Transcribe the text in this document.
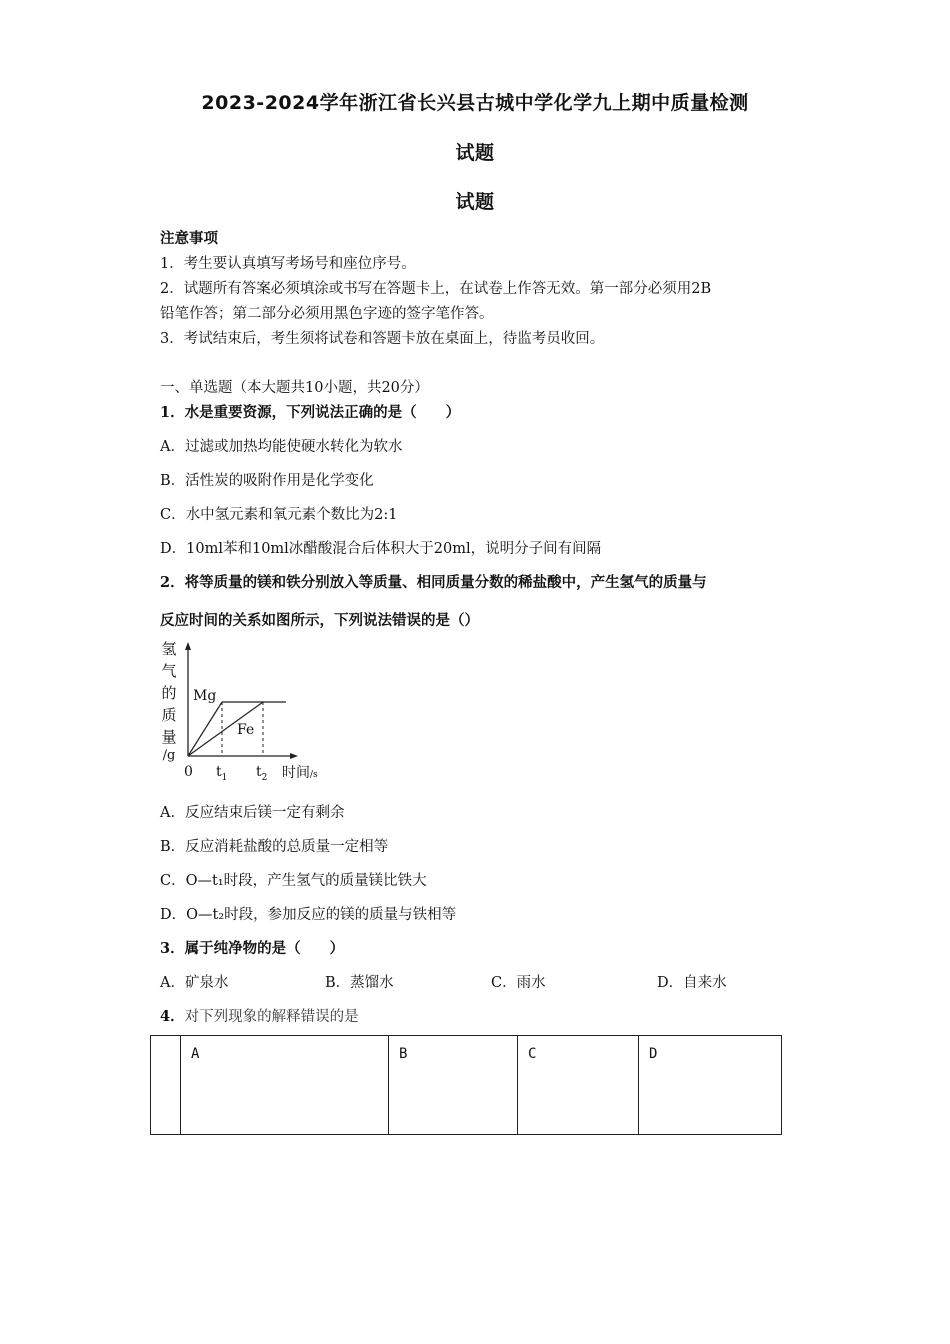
2023-2024学年浙江省长兴县古城中学化学九上期中质量检测
试题
试题
注意事项
1．考生要认真填写考场号和座位序号。
2．试题所有答案必须填涂或书写在答题卡上，在试卷上作答无效。第一部分必须用2B
铅笔作答；第二部分必须用黑色字迹的签字笔作答。
3．考试结束后，考生须将试卷和答题卡放在桌面上，待监考员收回。
一、单选题（本大题共10小题，共20分）
1．水是重要资源，下列说法正确的是（　　）
A．过滤或加热均能使硬水转化为软水
B．活性炭的吸附作用是化学变化
C．水中氢元素和氧元素个数比为2:1
D．10ml苯和10ml冰醋酸混合后体积大于20ml，说明分子间有间隔
2．将等质量的镁和铁分别放入等质量、相同质量分数的稀盐酸中，产生氢气的质量与
反应时间的关系如图所示，下列说法错误的是（）
氢
气
的
质
量
/g
Mg
Fe
0 $t_1$ $t_2$ 时间/s
A．反应结束后镁一定有剩余
B．反应消耗盐酸的总质量一定相等
C．O—t₁时段，产生氢气的质量镁比铁大
D．O—t₂时段，参加反应的镁的质量与铁相等
3．属于纯净物的是（　　）
A．矿泉水	B．蒸馏水	C．雨水	D．自来水
4．对下列现象的解释错误的是
	A	B	C	D
